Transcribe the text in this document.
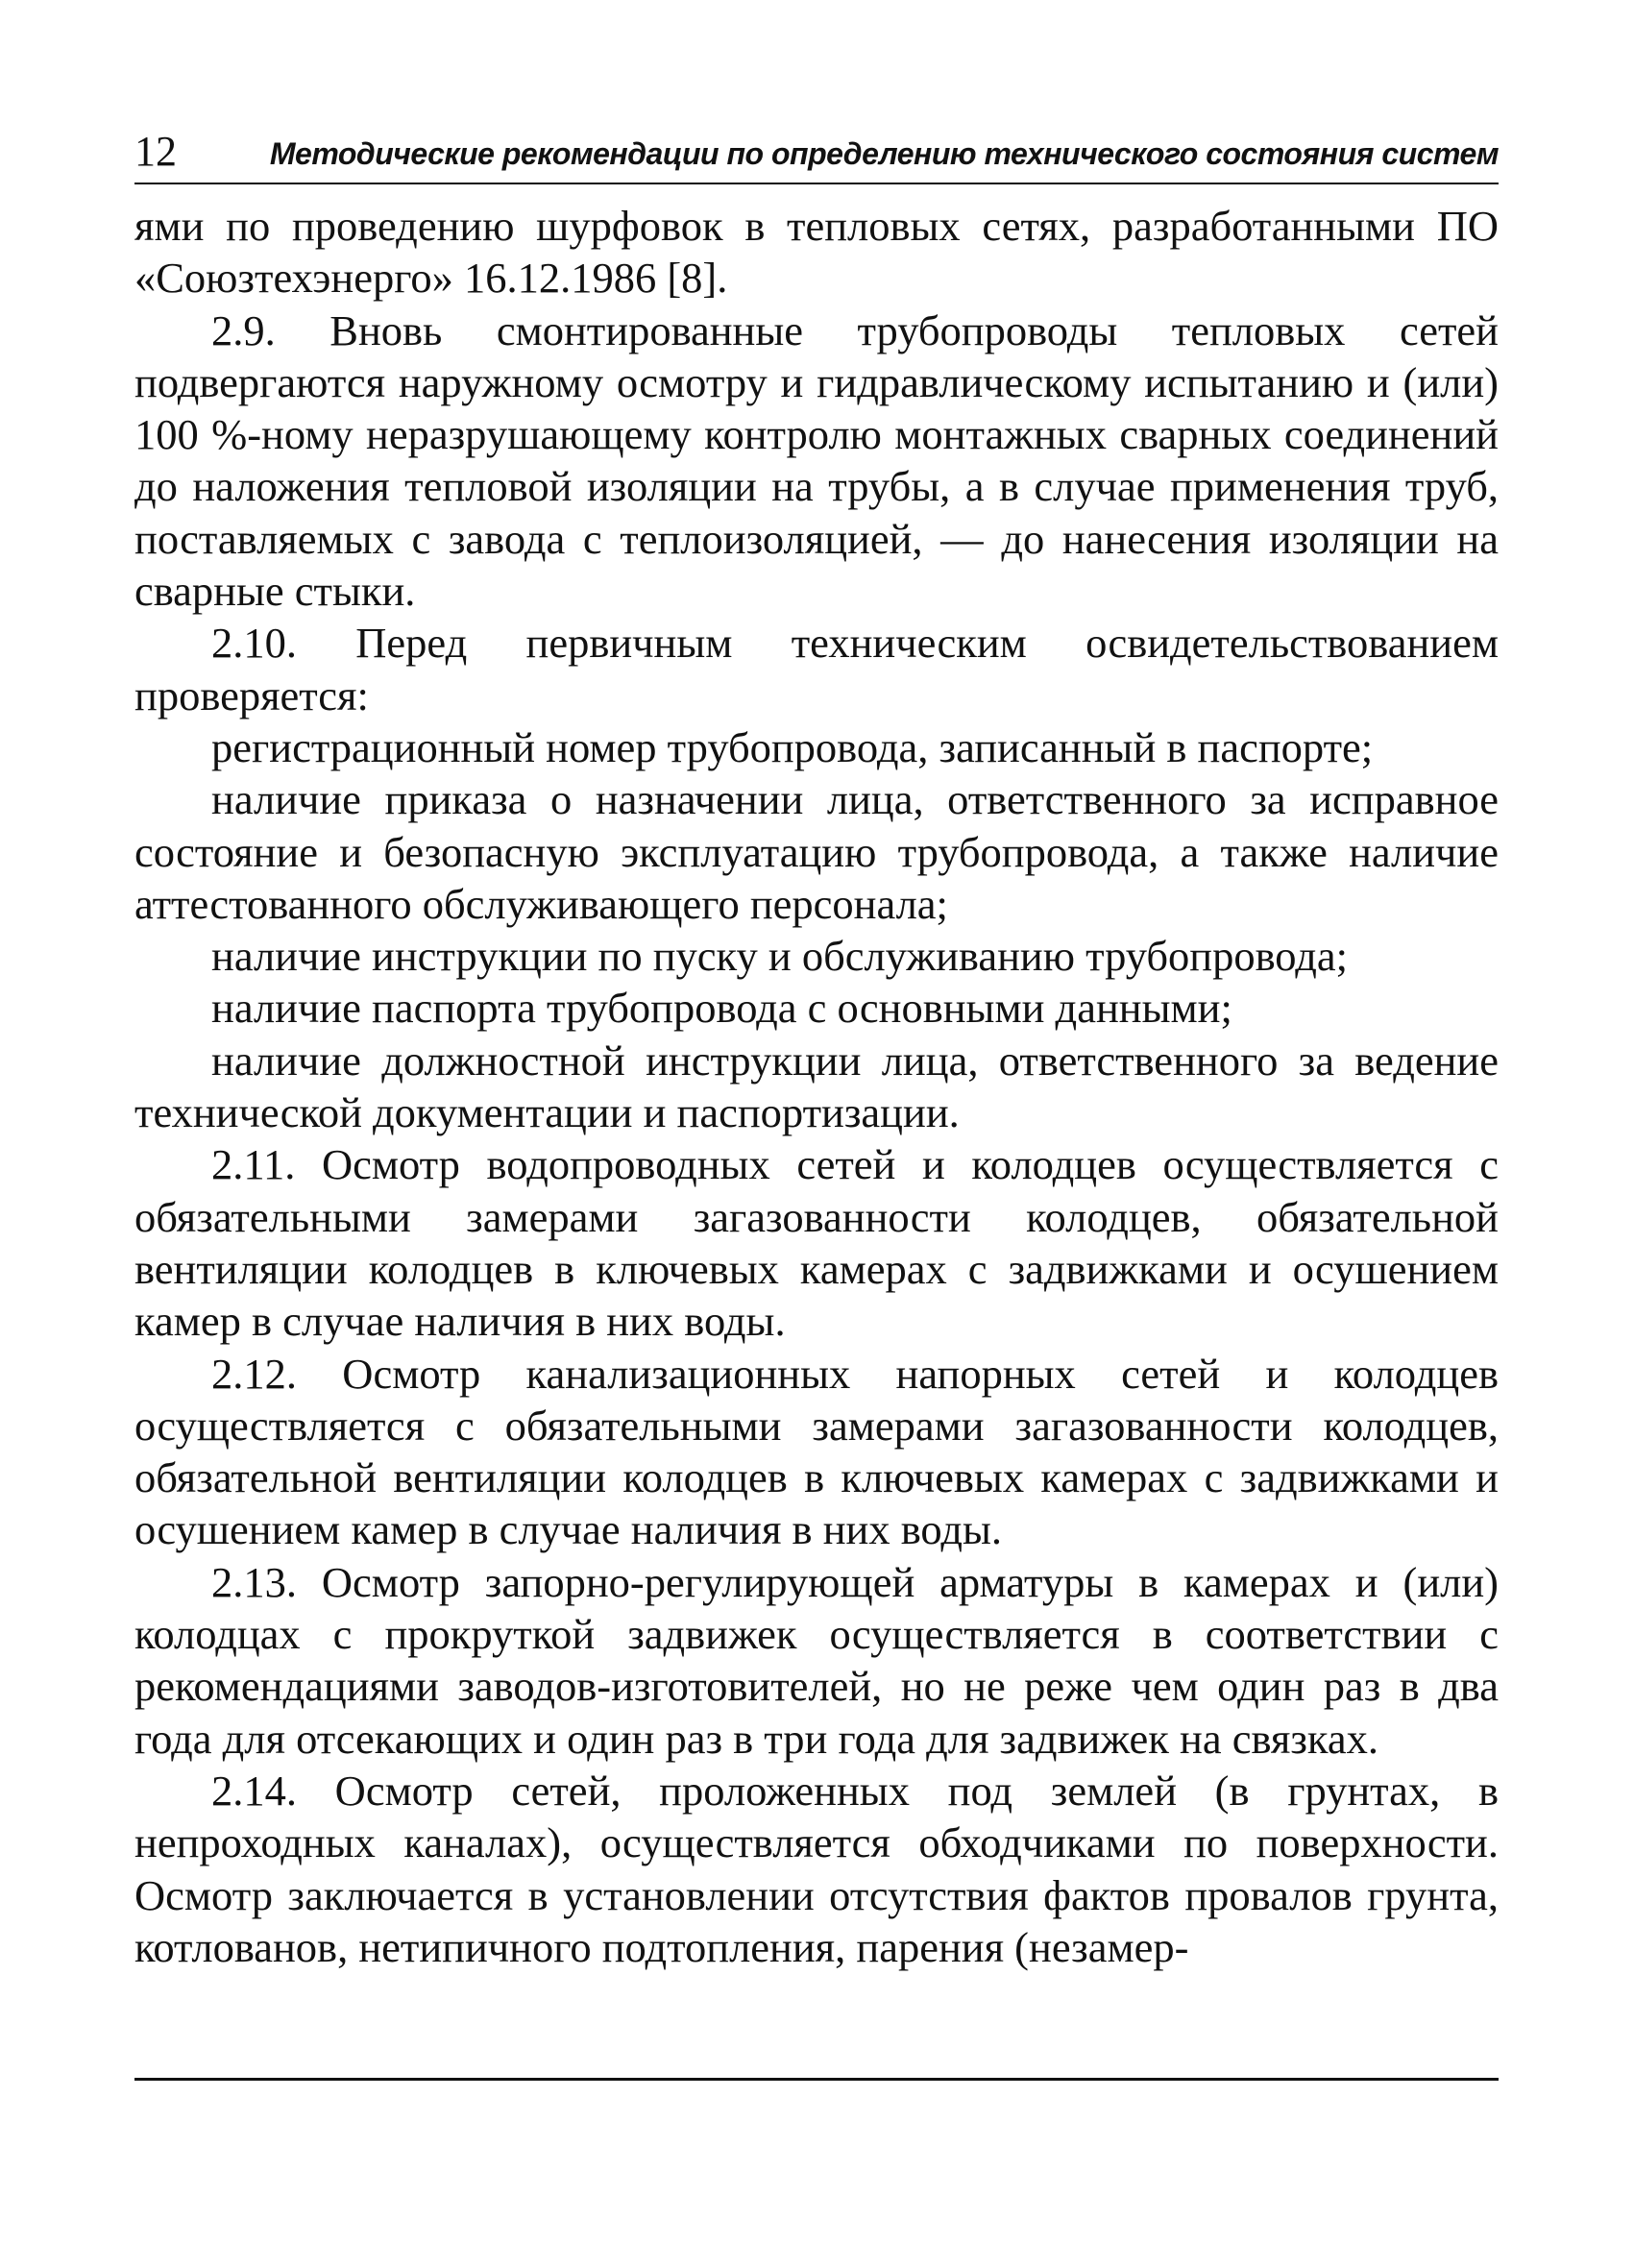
12	Методические рекомендации по определению технического состояния систем

ями по проведению шурфовок в тепловых сетях, разработанными ПО «Союзтехэнерго» 16.12.1986 [8].

2.9. Вновь смонтированные трубопроводы тепловых сетей подвергаются наружному осмотру и гидравлическому испытанию и (или) 100 %-ному неразрушающему контролю монтажных сварных соединений до наложения тепловой изоляции на трубы, а в случае применения труб, поставляемых с завода с теплоизоляцией, — до нанесения изоляции на сварные стыки.

2.10. Перед первичным техническим освидетельствованием проверяется:

регистрационный номер трубопровода, записанный в паспорте;

наличие приказа о назначении лица, ответственного за исправное состояние и безопасную эксплуатацию трубопровода, а также наличие аттестованного обслуживающего персонала;

наличие инструкции по пуску и обслуживанию трубопровода;

наличие паспорта трубопровода с основными данными;

наличие должностной инструкции лица, ответственного за ведение технической документации и паспортизации.

2.11. Осмотр водопроводных сетей и колодцев осуществляется с обязательными замерами загазованности колодцев, обязательной вентиляции колодцев в ключевых камерах с задвижками и осушением камер в случае наличия в них воды.

2.12. Осмотр канализационных напорных сетей и колодцев осуществляется с обязательными замерами загазованности колодцев, обязательной вентиляции колодцев в ключевых камерах с задвижками и осушением камер в случае наличия в них воды.

2.13. Осмотр запорно-регулирующей арматуры в камерах и (или) колодцах с прокруткой задвижек осуществляется в соответствии с рекомендациями заводов-изготовителей, но не реже чем один раз в два года для отсекающих и один раз в три года для задвижек на связках.

2.14. Осмотр сетей, проложенных под землей (в грунтах, в непроходных каналах), осуществляется обходчиками по поверхности. Осмотр заключается в установлении отсутствия фактов провалов грунта, котлованов, нетипичного подтопления, парения (незамер-
